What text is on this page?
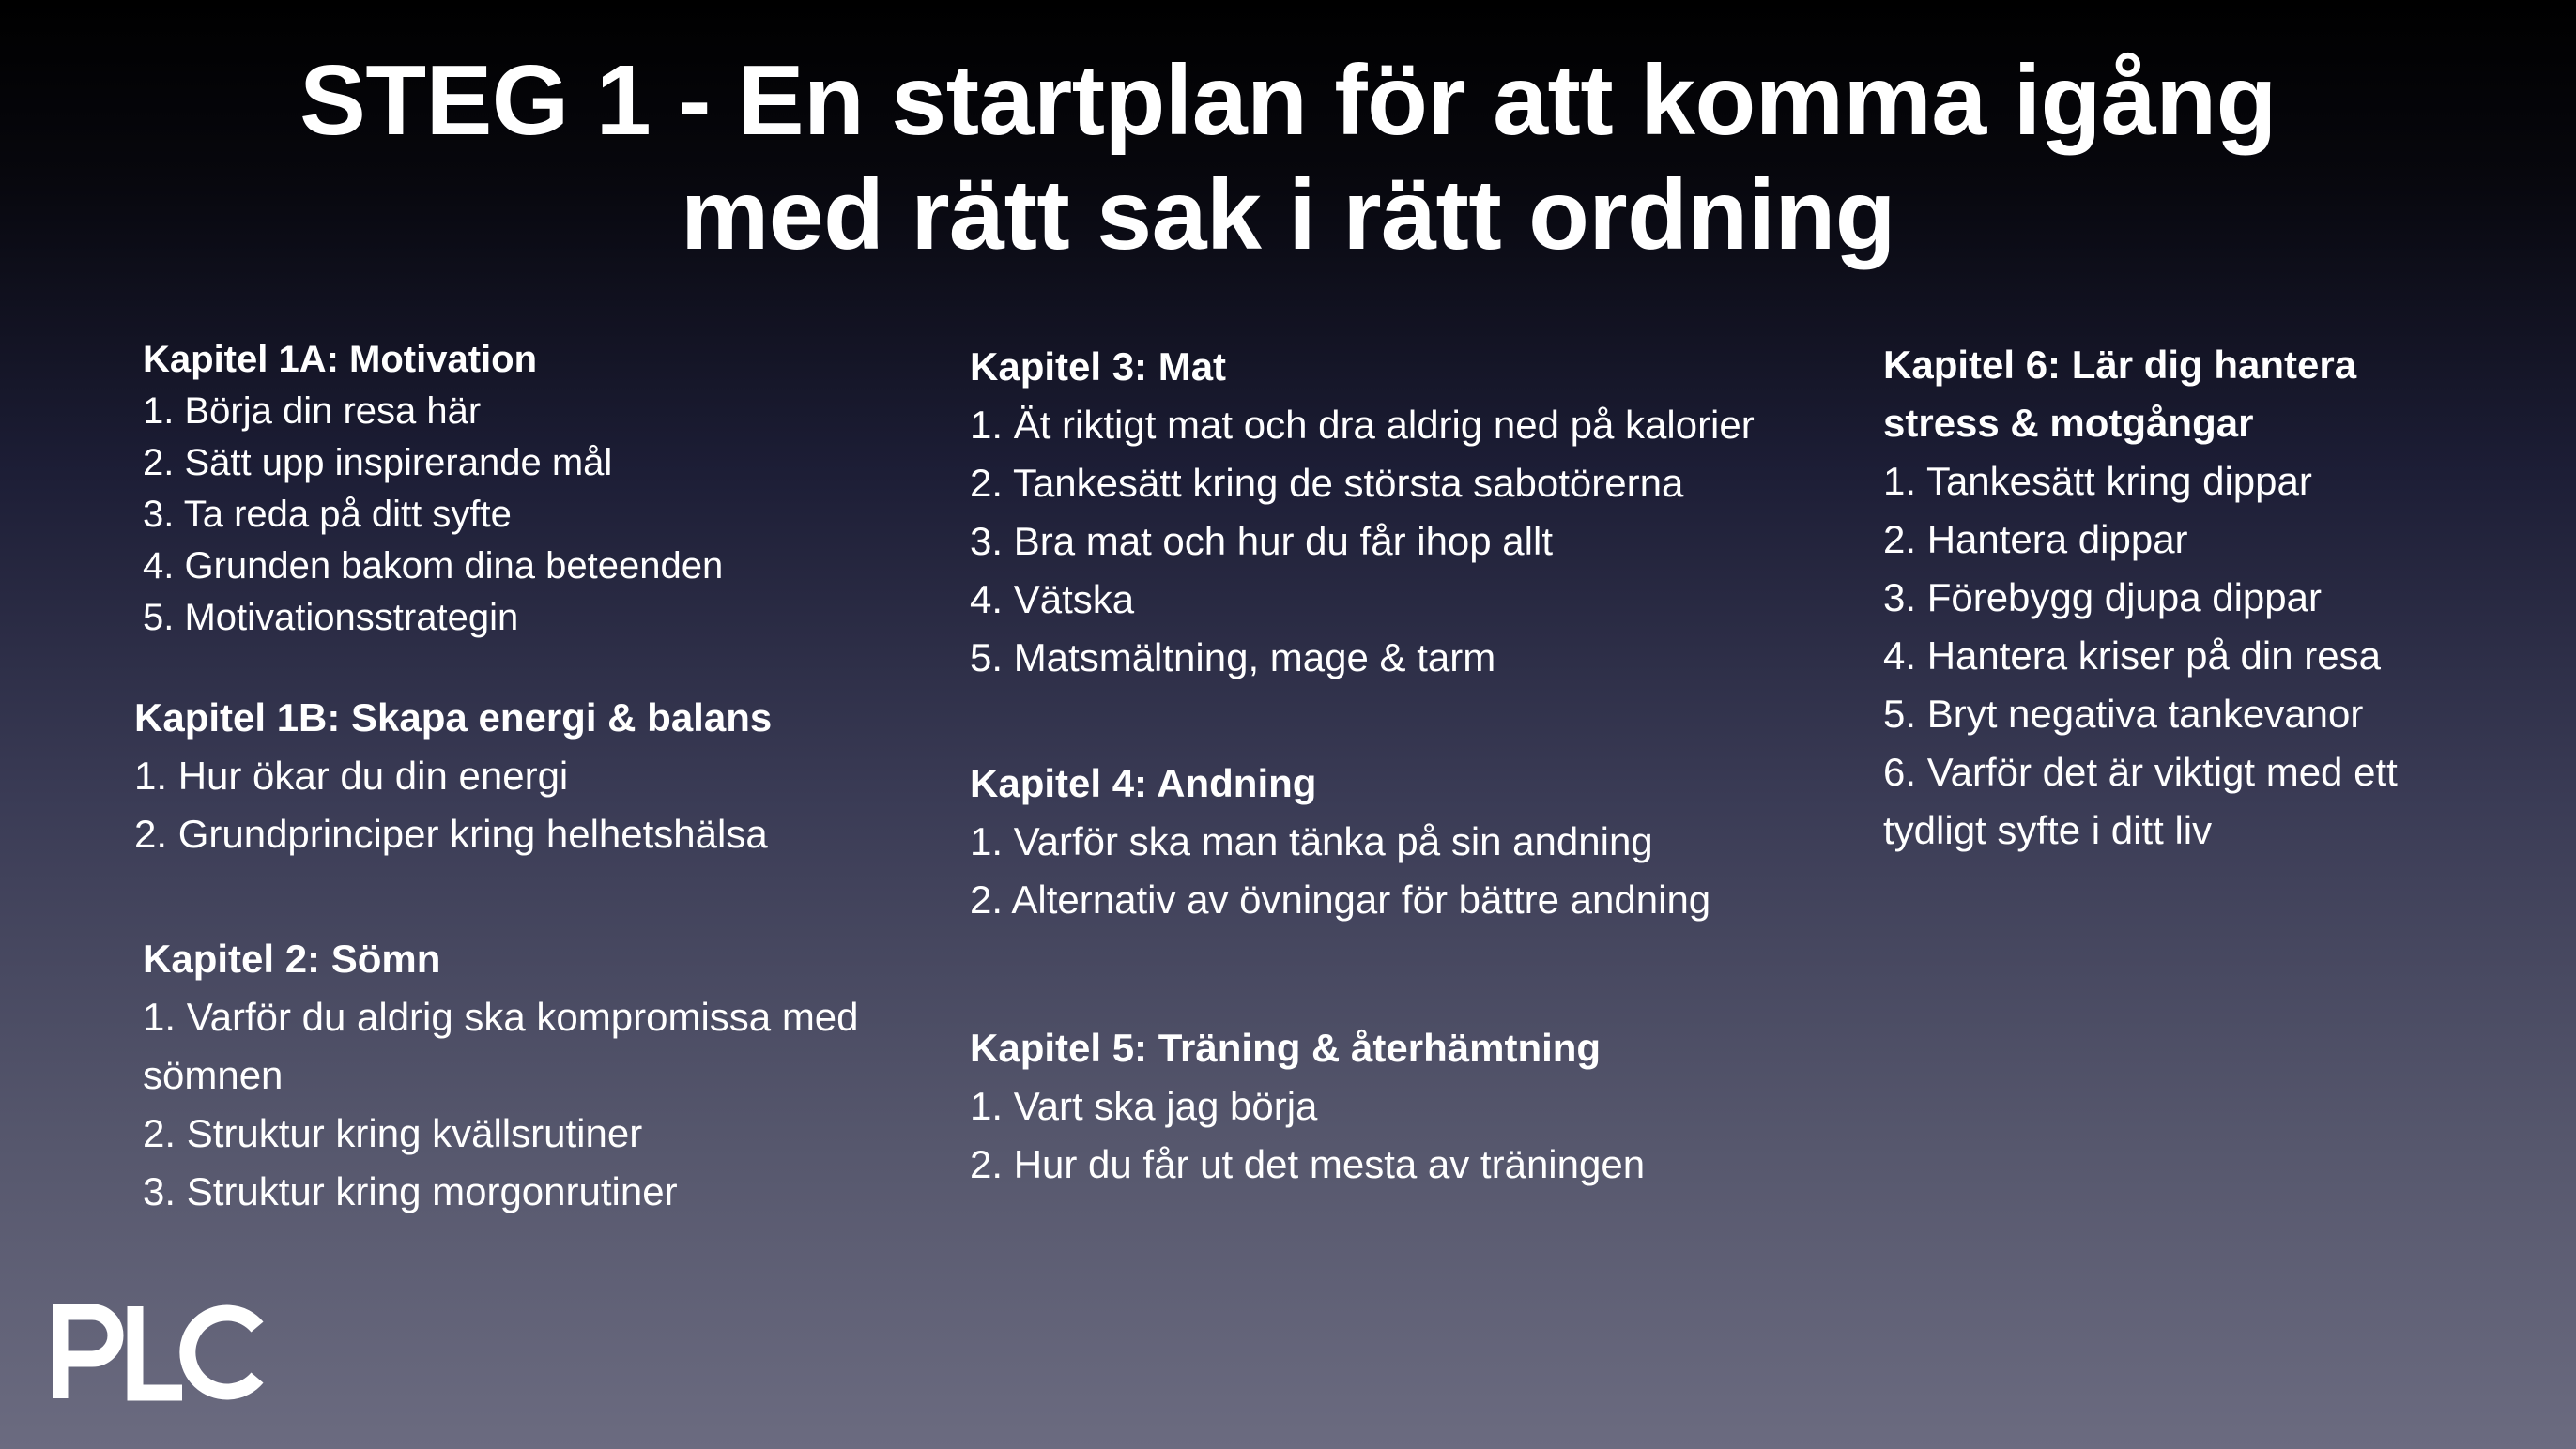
STEG 1 - En startplan för att komma igång
med rätt sak i rätt ordning
Kapitel 1A: Motivation
1. Börja din resa här
2. Sätt upp inspirerande mål
3. Ta reda på ditt syfte
4. Grunden bakom dina beteenden
5. Motivationsstrategin
Kapitel 1B: Skapa energi & balans
1. Hur ökar du din energi
2. Grundprinciper kring helhetshälsa
Kapitel 2: Sömn
1. Varför du aldrig ska kompromissa med
sömnen
2. Struktur kring kvällsrutiner
3. Struktur kring morgonrutiner
Kapitel 3: Mat
1. Ät riktigt mat och dra aldrig ned på kalorier
2. Tankesätt kring de största sabotörerna
3. Bra mat och hur du får ihop allt
4. Vätska
5. Matsmältning, mage & tarm
Kapitel 4: Andning
1. Varför ska man tänka på sin andning
2. Alternativ av övningar för bättre andning
Kapitel 5: Träning & återhämtning
1. Vart ska jag börja
2. Hur du får ut det mesta av träningen
Kapitel 6: Lär dig hantera
stress & motgångar
1. Tankesätt kring dippar
2. Hantera dippar
3. Förebygg djupa dippar
4. Hantera kriser på din resa
5. Bryt negativa tankevanor
6. Varför det är viktigt med ett
tydligt syfte i ditt liv
